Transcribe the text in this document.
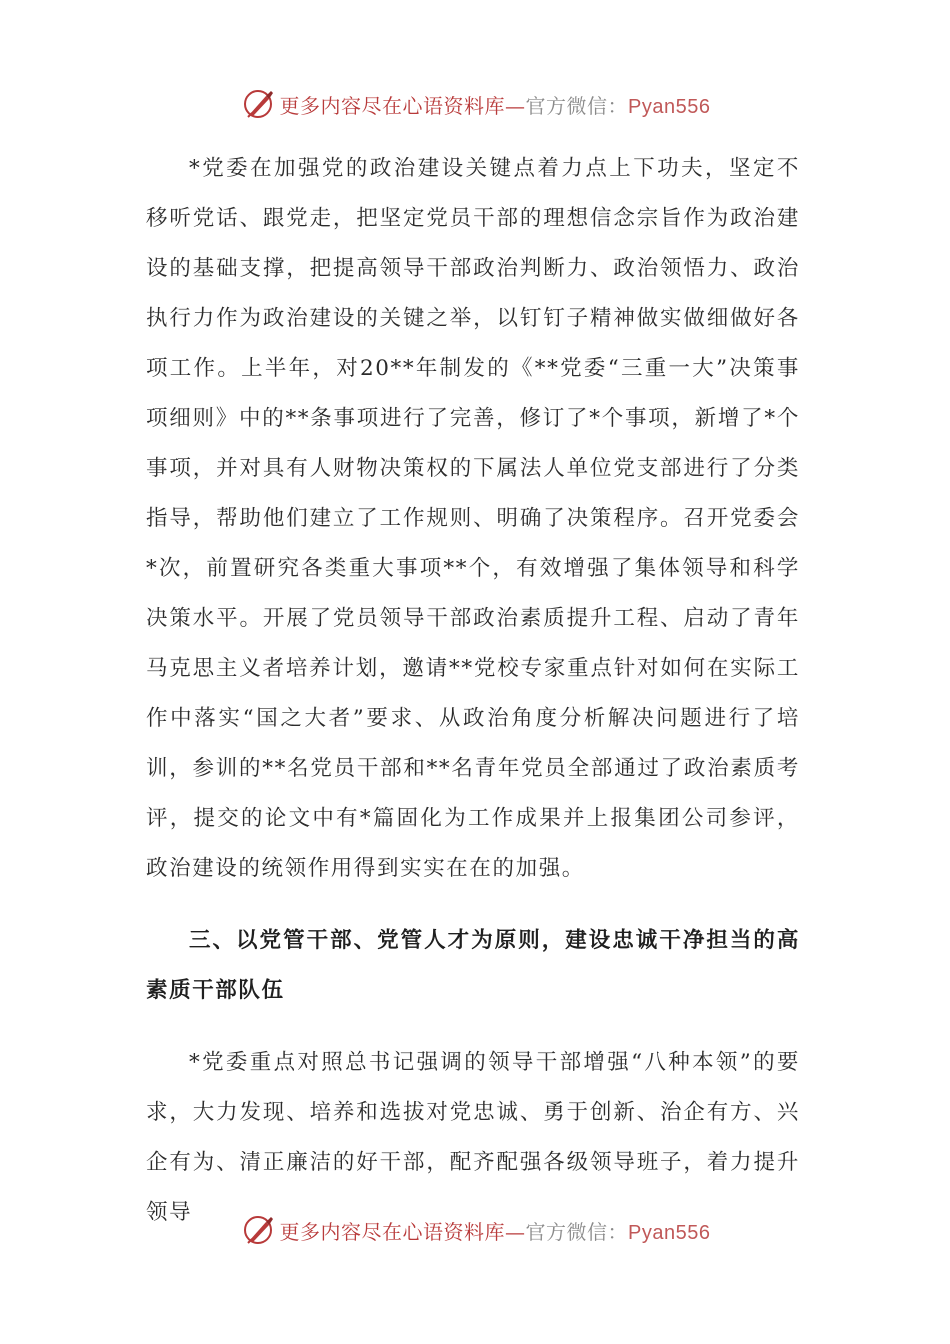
更多内容尽在心语资料库—官方微信：Pyan556

*党委在加强党的政治建设关键点着力点上下功夫，坚定不移听党话、跟党走，把坚定党员干部的理想信念宗旨作为政治建设的基础支撑，把提高领导干部政治判断力、政治领悟力、政治执行力作为政治建设的关键之举，以钉钉子精神做实做细做好各项工作。上半年，对20**年制发的《**党委“三重一大”决策事项细则》中的**条事项进行了完善，修订了*个事项，新增了*个事项，并对具有人财物决策权的下属法人单位党支部进行了分类指导，帮助他们建立了工作规则、明确了决策程序。召开党委会*次，前置研究各类重大事项**个，有效增强了集体领导和科学决策水平。开展了党员领导干部政治素质提升工程、启动了青年马克思主义者培养计划，邀请**党校专家重点针对如何在实际工作中落实“国之大者”要求、从政治角度分析解决问题进行了培训，参训的**名党员干部和**名青年党员全部通过了政治素质考评，提交的论文中有*篇固化为工作成果并上报集团公司参评，政治建设的统领作用得到实实在在的加强。

三、以党管干部、党管人才为原则，建设忠诚干净担当的高素质干部队伍

*党委重点对照总书记强调的领导干部增强“八种本领”的要求，大力发现、培养和选拔对党忠诚、勇于创新、治企有方、兴企有为、清正廉洁的好干部，配齐配强各级领导班子，着力提升领导

更多内容尽在心语资料库—官方微信：Pyan556
